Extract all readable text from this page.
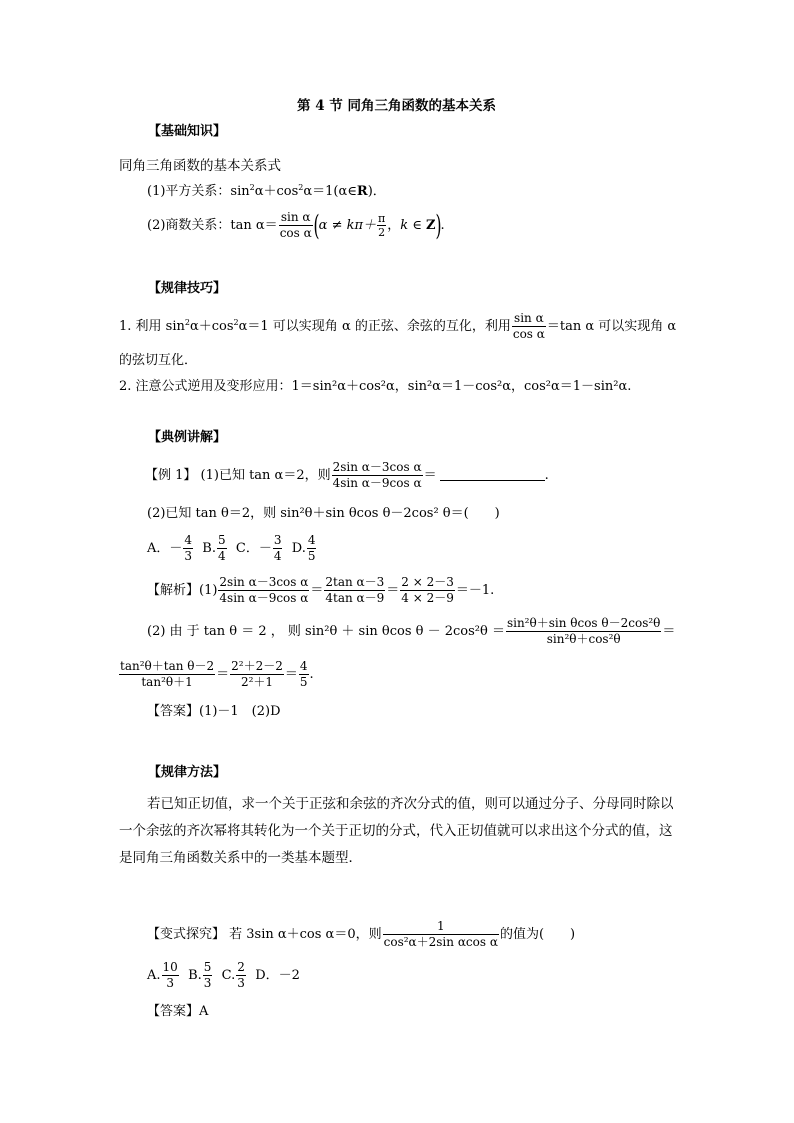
第 4 节 同角三角函数的基本关系
【基础知识】
同角三角函数的基本关系式
(1)平方关系：$\sin^2\alpha+\cos^2\alpha=1(\alpha\in R)$．
(2)商数关系：$\tan \alpha= \frac{\text{sin α}}{\text{cos α}} (\alpha \ne k\pi+ \frac{\pi}{2}$ ，k ∈ Z).
【规律技巧】
1. 利用 $\sin^2\alpha+\cos^2\alpha=1$ 可以实现角 α 的正弦、余弦的互化，利用 $\frac{\text{sin α}}{\text{cos α}} =\tan$ α 可以实现角 α
的弦切互化．
2. 注意公式逆用及变形应用：1＝sin²α＋cos²α，sin²α＝1－cos²α，cos²α＝1－sin²α.
【典例讲解】
【例 1】 (1)已知 tan α＝2，则 $\frac{\text{2sin α－3cos α}}{\text{4sin α－9cos α}}$ ＝	.
(2)已知 tan θ＝2，则 sin²θ＋sin θcos θ－2cos² θ＝(　　)
A．－ $\frac{4}{3} B$. $\frac{5}{4}$ C．－ $\frac{3}{4} D$. $\frac{4}{5}$
【解析】$(1) \frac{\text{2sin α－3cos α}}{\text{4sin α－9cos α}} = \frac{\text{2tan α－3}}{\text{4tan α－9}} = \frac{2 \times 2-3}{4 \times 2-9} =-1$.
(2) 由 于 tan θ ＝ 2 ， 则 sin²θ ＋ sin θcos $\theta - 2\cos^2\theta = \frac{\text{sin²θ＋sin θcos θ－2cos²θ}}{\text{sin²θ＋cos²θ}}$ ＝
$\frac{\text{tan²θ＋tan θ－2}}{\text{tan²θ＋1}} = \frac{\text{2²＋2－2}}{\text{2²＋1}} = \frac{4}{5}$ .
【答案】(1)－1　(2)D
【规律方法】
若已知正切值，求一个关于正弦和余弦的齐次分式的值，则可以通过分子、分母同时除以一个余弦的齐次幂将其转化为一个关于正切的分式，代入正切值就可以求出这个分式的值，这是同角三角函数关系中的一类基本题型．
【变式探究】 若 3sin α＋cos α＝0，则 $\frac{1}{\text{cos²α＋2sin αcos α}}$ 的值为(　　)
A. $\frac{10}{3} B$. $\frac{5}{3} C$. $\frac{2}{3}$ D．－2
【答案】A
